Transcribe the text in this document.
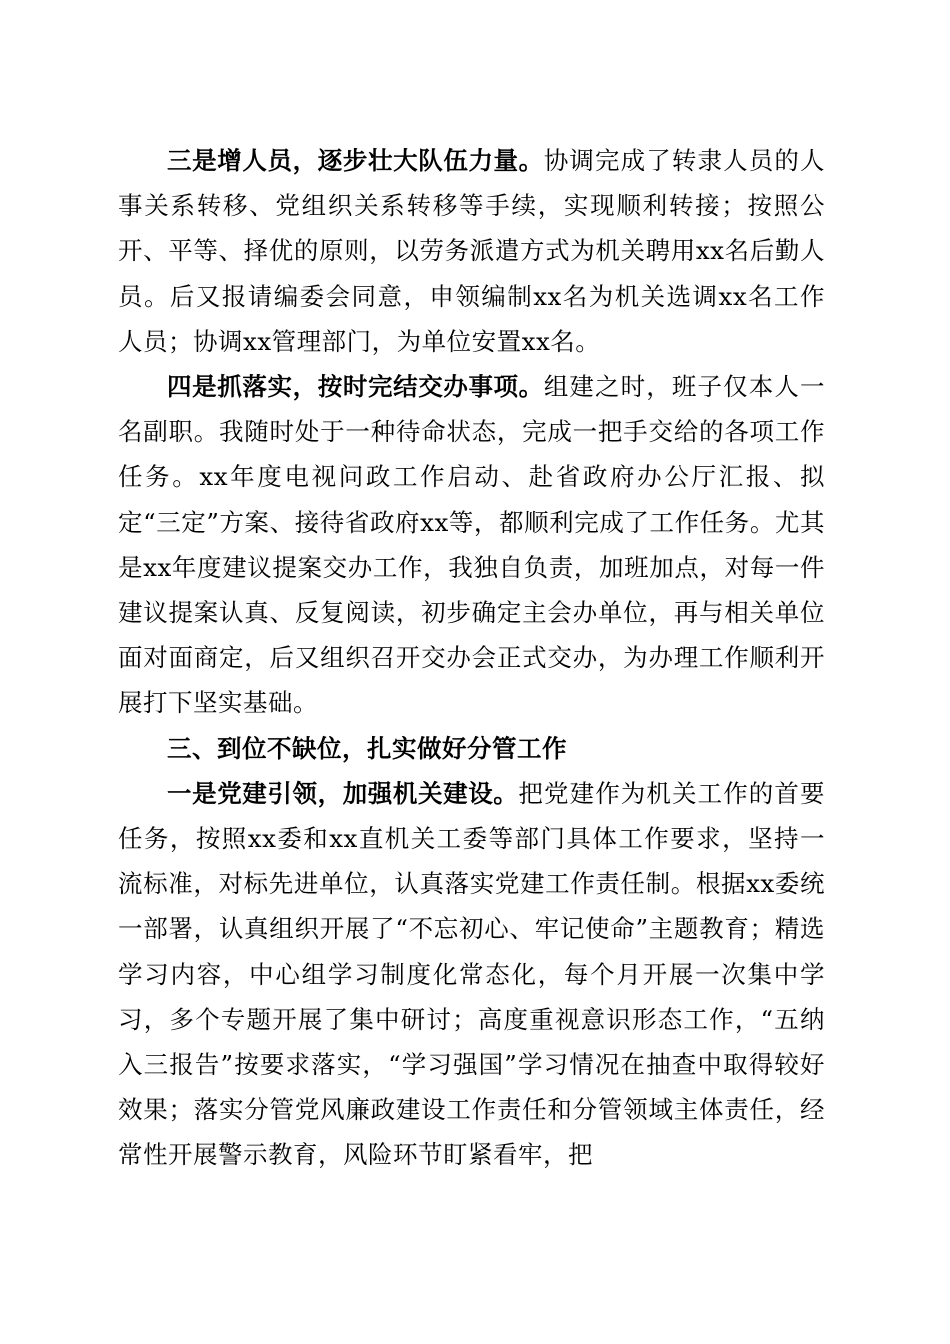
三是增人员，逐步壮大队伍力量。协调完成了转隶人员的人事关系转移、党组织关系转移等手续，实现顺利转接；按照公开、平等、择优的原则，以劳务派遣方式为机关聘用xx名后勤人员。后又报请编委会同意，申领编制xx名为机关选调xx名工作人员；协调xx管理部门，为单位安置xx名。

四是抓落实，按时完结交办事项。组建之时，班子仅本人一名副职。我随时处于一种待命状态，完成一把手交给的各项工作任务。xx年度电视问政工作启动、赴省政府办公厅汇报、拟定“三定”方案、接待省政府xx等，都顺利完成了工作任务。尤其是xx年度建议提案交办工作，我独自负责，加班加点，对每一件建议提案认真、反复阅读，初步确定主会办单位，再与相关单位面对面商定，后又组织召开交办会正式交办，为办理工作顺利开展打下坚实基础。

三、到位不缺位，扎实做好分管工作

一是党建引领，加强机关建设。把党建作为机关工作的首要任务，按照xx委和xx直机关工委等部门具体工作要求，坚持一流标准，对标先进单位，认真落实党建工作责任制。根据xx委统一部署，认真组织开展了“不忘初心、牢记使命”主题教育；精选学习内容，中心组学习制度化常态化，每个月开展一次集中学习，多个专题开展了集中研讨；高度重视意识形态工作，“五纳入三报告”按要求落实，“学习强国”学习情况在抽查中取得较好效果；落实分管党风廉政建设工作责任和分管领域主体责任，经常性开展警示教育，风险环节盯紧看牢，把
